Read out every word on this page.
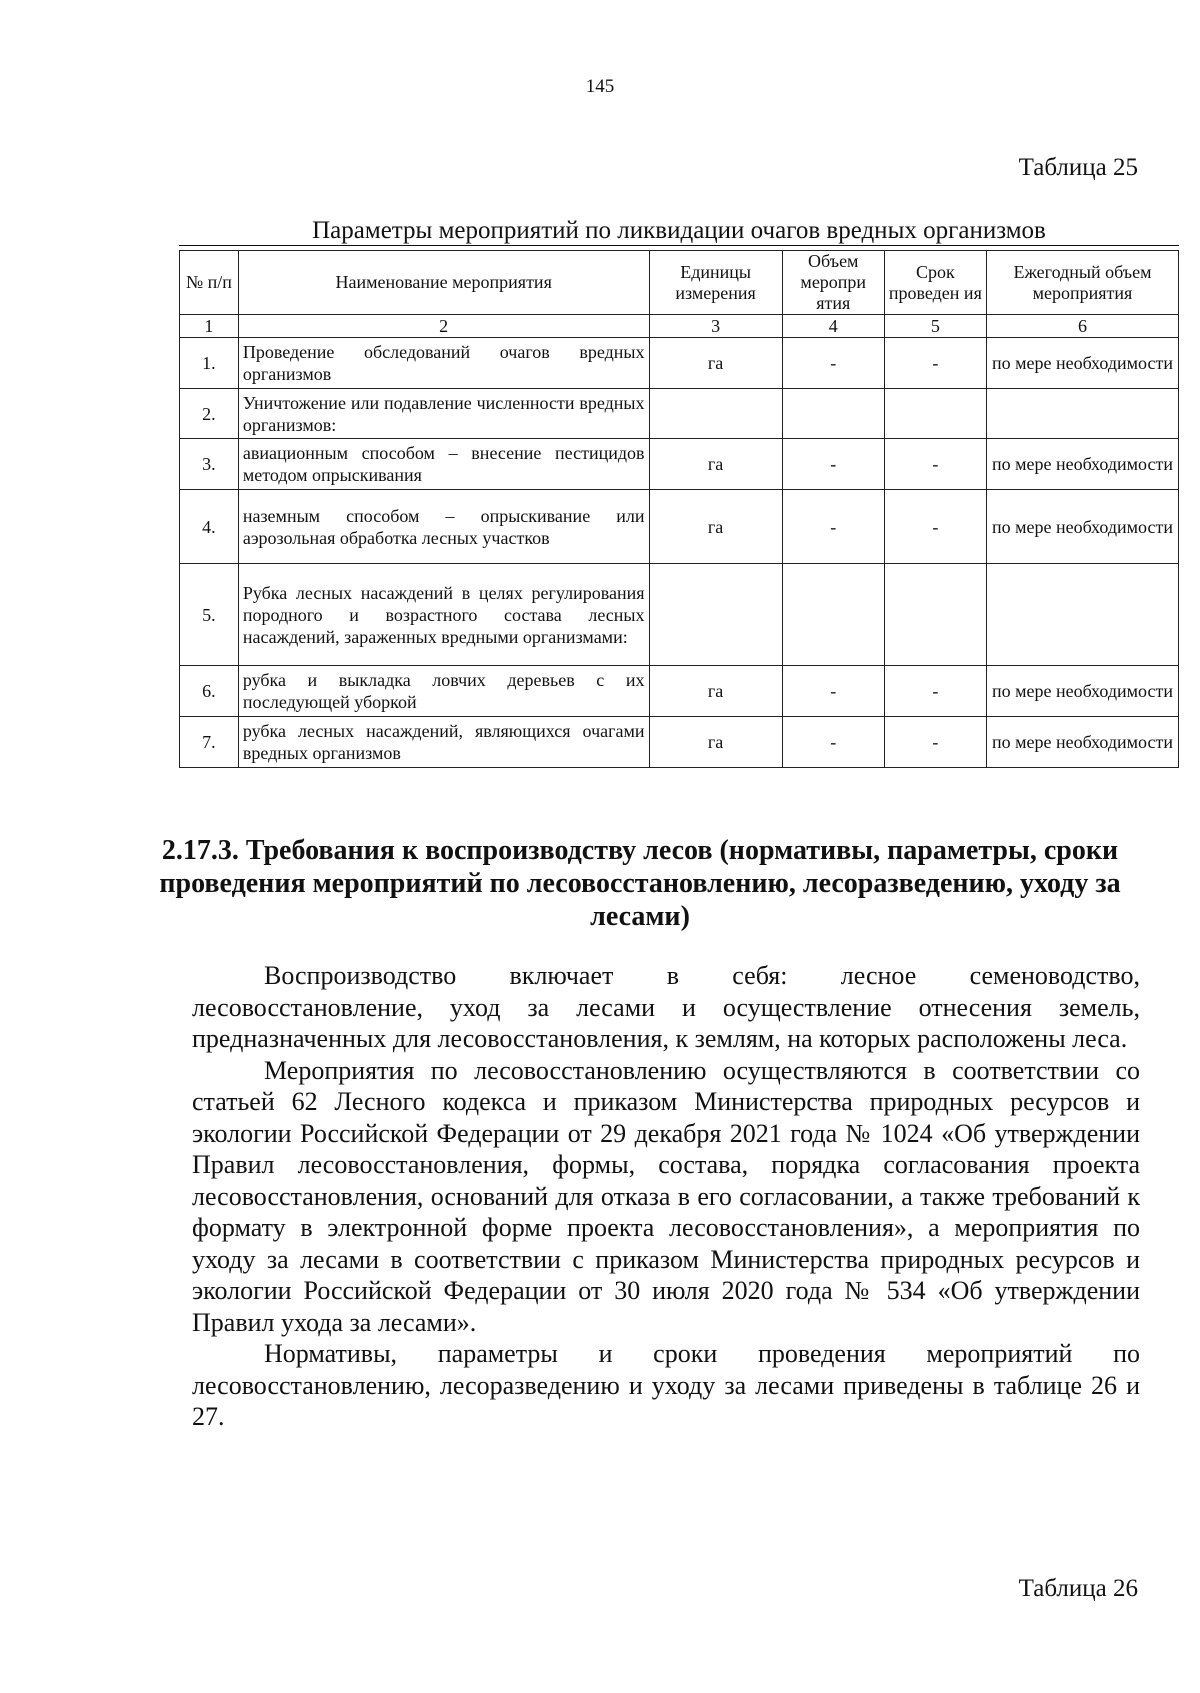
145
Таблица 25
Параметры мероприятий по ликвидации очагов вредных организмов
№ п/п	Наименование мероприятия	Единицы измерения	Объем меропри ятия	Срок проведен ия	Ежегодный объем мероприятия
1	2	3	4	5	6
1.	Проведение обследований очагов вредных организмов	га	-	-	по мере необходимости
2.	Уничтожение или подавление численности вредных организмов:				
3.	авиационным способом – внесение пестицидов методом опрыскивания	га	-	-	по мере необходимости
4.	наземным способом – опрыскивание или аэрозольная обработка лесных участков	га	-	-	по мере необходимости
5.	Рубка лесных насаждений в целях регулирования породного и возрастного состава лесных насаждений, зараженных вредными организмами:				
6.	рубка и выкладка ловчих деревьев с их последующей уборкой	га	-	-	по мере необходимости
7.	рубка лесных насаждений, являющихся очагами вредных организмов	га	-	-	по мере необходимости
2.17.3. Требования к воспроизводству лесов (нормативы, параметры, сроки проведения мероприятий по лесовосстановлению, лесоразведению, уходу за лесами)

Воспроизводство включает в себя: лесное семеноводство, лесовосстановление, уход за лесами и осуществление отнесения земель, предназначенных для лесовосстановления, к землям, на которых расположены леса.

Мероприятия по лесовосстановлению осуществляются в соответствии со статьей 62 Лесного кодекса и приказом Министерства природных ресурсов и экологии Российской Федерации от 29 декабря 2021 года № 1024 «Об утверждении Правил лесовосстановления, формы, состава, порядка согласования проекта лесовосстановления, оснований для отказа в его согласовании, а также требований к формату в электронной форме проекта лесовосстановления», а мероприятия по уходу за лесами в соответствии с приказом Министерства природных ресурсов и экологии Российской Федерации от 30 июля 2020 года № 534 «Об утверждении Правил ухода за лесами».

Нормативы, параметры и сроки проведения мероприятий по лесовосстановлению, лесоразведению и уходу за лесами приведены в таблице 26 и 27.

Таблица 26
